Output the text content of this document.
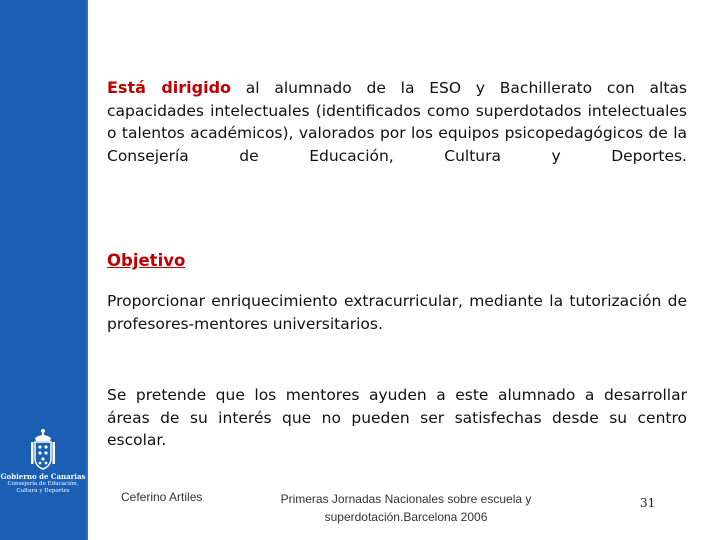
Gobierno de Canarias
Consejería de Educación,
Cultura y Deportes

Está dirigido al alumnado de la ESO y Bachillerato con altas capacidades intelectuales (identificados como superdotados intelectuales o talentos académicos), valorados por los equipos psicopedagógicos de la Consejería de Educación, Cultura y Deportes.

Objetivo

Proporcionar enriquecimiento extracurricular, mediante la tutorización de profesores-mentores universitarios.

Se pretende que los mentores ayuden a este alumnado a desarrollar áreas de su interés que no pueden ser satisfechas desde su centro escolar.

Ceferino Artiles	Primeras Jornadas Nacionales sobre escuela y
superdotación.Barcelona 2006
31
